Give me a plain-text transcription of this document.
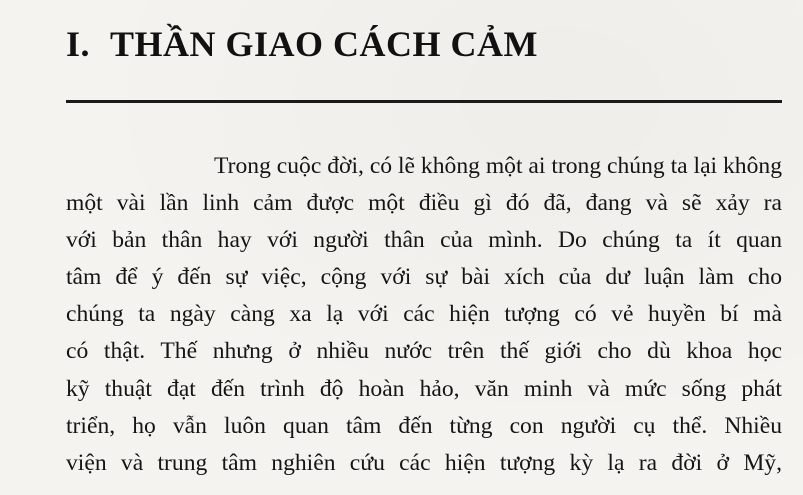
I. THẦN GIAO CÁCH CẢM
Trong cuộc đời, có lẽ không một ai trong chúng ta lại không
một vài lần linh cảm được một điều gì đó đã, đang và sẽ xảy ra
với bản thân hay với người thân của mình. Do chúng ta ít quan
tâm để ý đến sự việc, cộng với sự bài xích của dư luận làm cho
chúng ta ngày càng xa lạ với các hiện tượng có vẻ huyền bí mà
có thật. Thế nhưng ở nhiều nước trên thế giới cho dù khoa học
kỹ thuật đạt đến trình độ hoàn hảo, văn minh và mức sống phát
triển, họ vẫn luôn quan tâm đến từng con người cụ thể. Nhiều
viện và trung tâm nghiên cứu các hiện tượng kỳ lạ ra đời ở Mỹ,
